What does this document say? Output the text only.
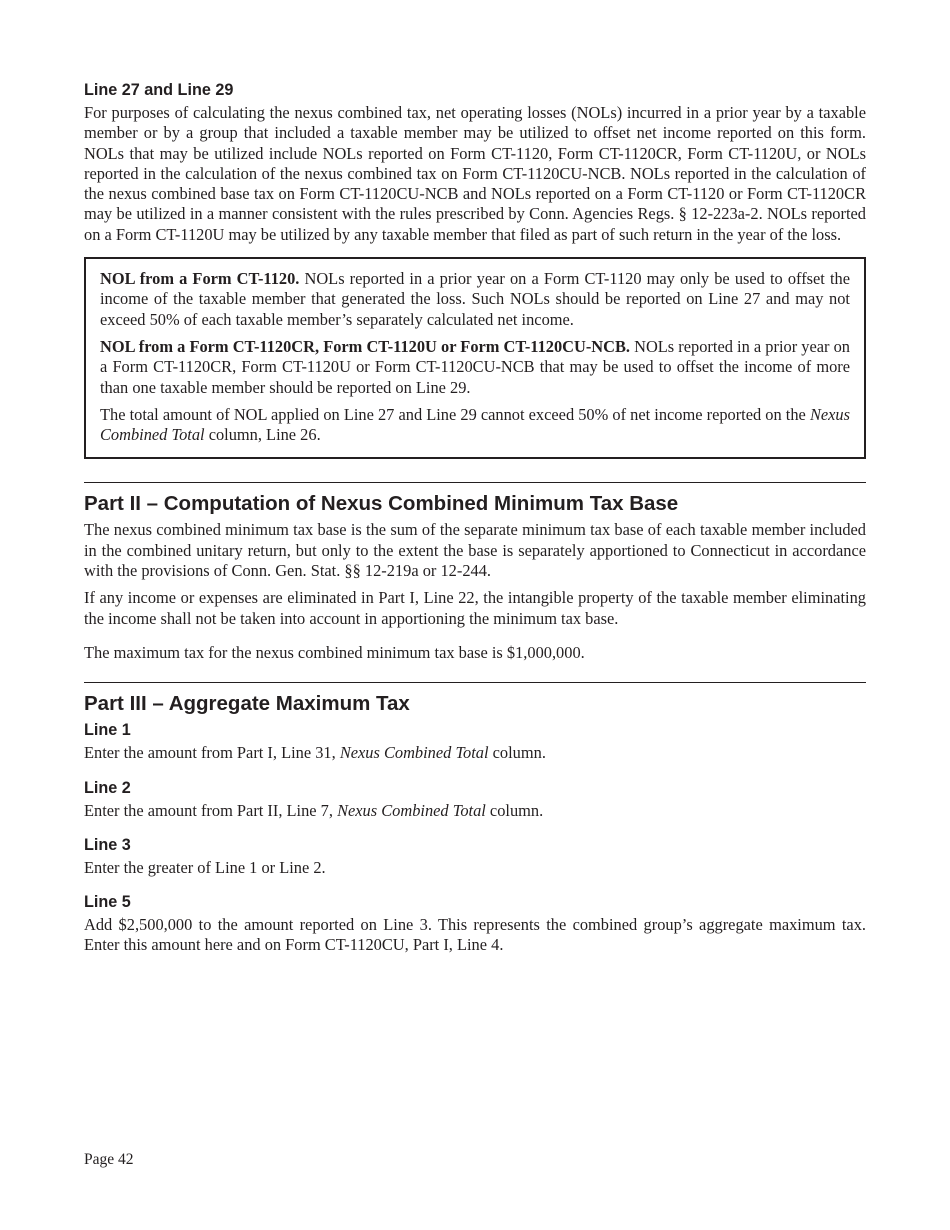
Line 27 and Line 29

For purposes of calculating the nexus combined tax, net operating losses (NOLs) incurred in a prior year by a taxable member or by a group that included a taxable member may be utilized to offset net income reported on this form. NOLs that may be utilized include NOLs reported on Form CT-1120, Form CT-1120CR, Form CT-1120U, or NOLs reported in the calculation of the nexus combined tax on Form CT-1120CU-NCB. NOLs reported in the calculation of the nexus combined base tax on Form CT-1120CU-NCB and NOLs reported on a Form CT-1120 or Form CT-1120CR may be utilized in a manner consistent with the rules prescribed by Conn. Agencies Regs. § 12-223a-2. NOLs reported on a Form CT-1120U may be utilized by any taxable member that filed as part of such return in the year of the loss.

NOL from a Form CT-1120. NOLs reported in a prior year on a Form CT-1120 may only be used to offset the income of the taxable member that generated the loss. Such NOLs should be reported on Line 27 and may not exceed 50% of each taxable member’s separately calculated net income.

NOL from a Form CT-1120CR, Form CT-1120U or Form CT-1120CU-NCB. NOLs reported in a prior year on a Form CT-1120CR, Form CT-1120U or Form CT-1120CU-NCB that may be used to offset the income of more than one taxable member should be reported on Line 29.

The total amount of NOL applied on Line 27 and Line 29 cannot exceed 50% of net income reported on the Nexus Combined Total column, Line 26.

Part II – Computation of Nexus Combined Minimum Tax Base

The nexus combined minimum tax base is the sum of the separate minimum tax base of each taxable member included in the combined unitary return, but only to the extent the base is separately apportioned to Connecticut in accordance with the provisions of Conn. Gen. Stat. §§ 12-219a or 12-244.

If any income or expenses are eliminated in Part I, Line 22, the intangible property of the taxable member eliminating the income shall not be taken into account in apportioning the minimum tax base.

The maximum tax for the nexus combined minimum tax base is $1,000,000.

Part III – Aggregate Maximum Tax
Line 1

Enter the amount from Part I, Line 31, Nexus Combined Total column.

Line 2

Enter the amount from Part II, Line 7, Nexus Combined Total column.

Line 3

Enter the greater of Line 1 or Line 2.

Line 5

Add $2,500,000 to the amount reported on Line 3. This represents the combined group’s aggregate maximum tax. Enter this amount here and on Form CT-1120CU, Part I, Line 4.

Page 42
